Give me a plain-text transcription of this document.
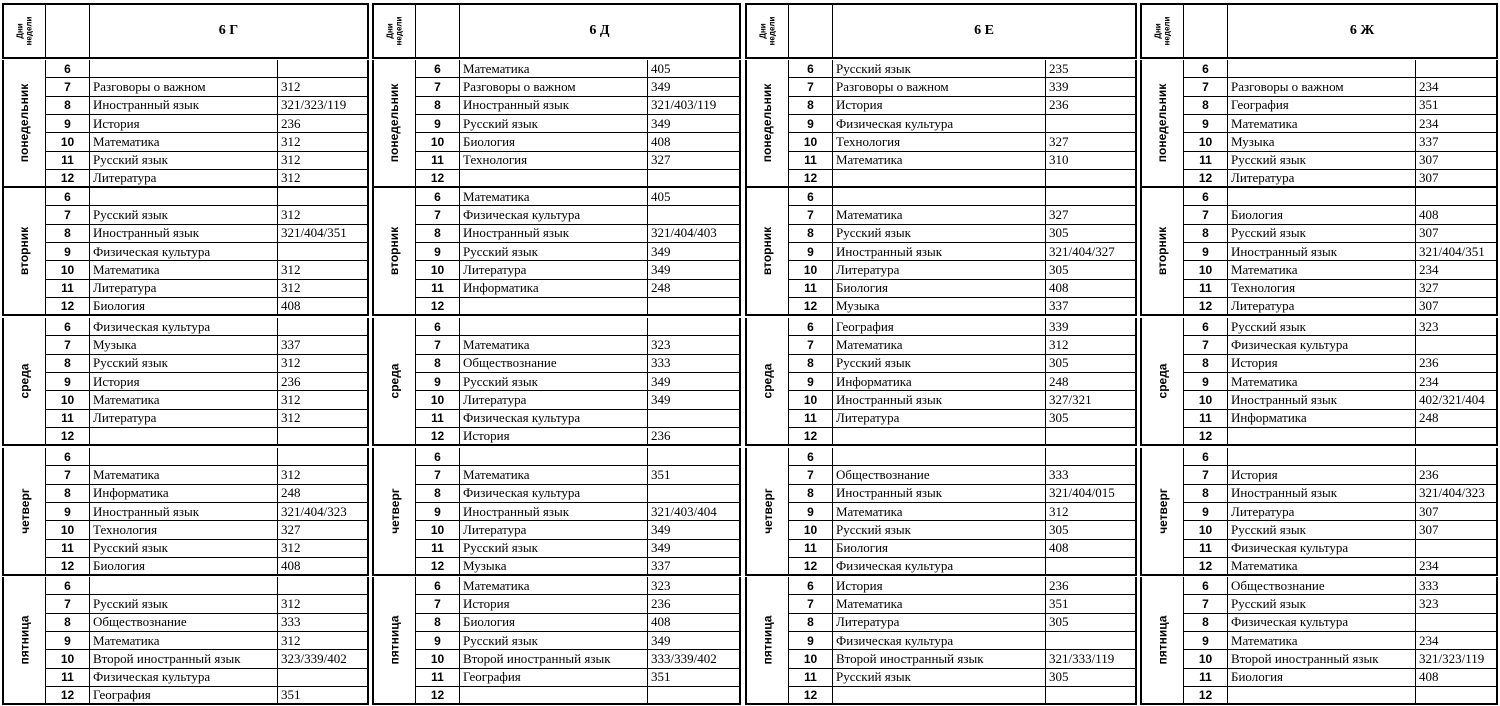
Дни
недели	6 Г
понедельник
6
7	Разговоры о важном	312
8	Иностранный язык	321/323/119
9	История	236
10	Математика	312
11	Русский язык	312
12	Литература	312
вторник
6
7	Русский язык	312
8	Иностранный язык	321/404/351
9	Физическая культура
10	Математика	312
11	Литература	312
12	Биология	408
среда
6	Физическая культура
7	Музыка	337
8	Русский язык	312
9	История	236
10	Математика	312
11	Литература	312
12
четверг
6
7	Математика	312
8	Информатика	248
9	Иностранный язык	321/404/323
10	Технология	327
11	Русский язык	312
12	Биология	408
пятница
6
7	Русский язык	312
8	Обществознание	333
9	Математика	312
10	Второй иностранный язык	323/339/402
11	Физическая культура
12	География	351
Дни
недели	6 Д
понедельник
6	Математика	405
7	Разговоры о важном	349
8	Иностранный язык	321/403/119
9	Русский язык	349
10	Биология	408
11	Технология	327
12
вторник
6	Математика	405
7	Физическая культура
8	Иностранный язык	321/404/403
9	Русский язык	349
10	Литература	349
11	Информатика	248
12
среда
6
7	Математика	323
8	Обществознание	333
9	Русский язык	349
10	Литература	349
11	Физическая культура
12	История	236
четверг
6
7	Математика	351
8	Физическая культура
9	Иностранный язык	321/403/404
10	Литература	349
11	Русский язык	349
12	Музыка	337
пятница
6	Математика	323
7	История	236
8	Биология	408
9	Русский язык	349
10	Второй иностранный язык	333/339/402
11	География	351
12
Дни
недели	6 Е
понедельник
6	Русский язык	235
7	Разговоры о важном	339
8	История	236
9	Физическая культура
10	Технология	327
11	Математика	310
12
вторник
6
7	Математика	327
8	Русский язык	305
9	Иностранный язык	321/404/327
10	Литература	305
11	Биология	408
12	Музыка	337
среда
6	География	339
7	Математика	312
8	Русский язык	305
9	Информатика	248
10	Иностранный язык	327/321
11	Литература	305
12
четверг
6
7	Обществознание	333
8	Иностранный язык	321/404/015
9	Математика	312
10	Русский язык	305
11	Биология	408
12	Физическая культура
пятница
6	История	236
7	Математика	351
8	Литература	305
9	Физическая культура
10	Второй иностранный язык	321/333/119
11	Русский язык	305
12
Дни
недели	6 Ж
понедельник
6
7	Разговоры о важном	234
8	География	351
9	Математика	234
10	Музыка	337
11	Русский язык	307
12	Литература	307
вторник
6
7	Биология	408
8	Русский язык	307
9	Иностранный язык	321/404/351
10	Математика	234
11	Технология	327
12	Литература	307
среда
6	Русский язык	323
7	Физическая культура
8	История	236
9	Математика	234
10	Иностранный язык	402/321/404
11	Информатика	248
12
четверг
6
7	История	236
8	Иностранный язык	321/404/323
9	Литература	307
10	Русский язык	307
11	Физическая культура
12	Математика	234
пятница
6	Обществознание	333
7	Русский язык	323
8	Физическая культура
9	Математика	234
10	Второй иностранный язык	321/323/119
11	Биология	408
12
